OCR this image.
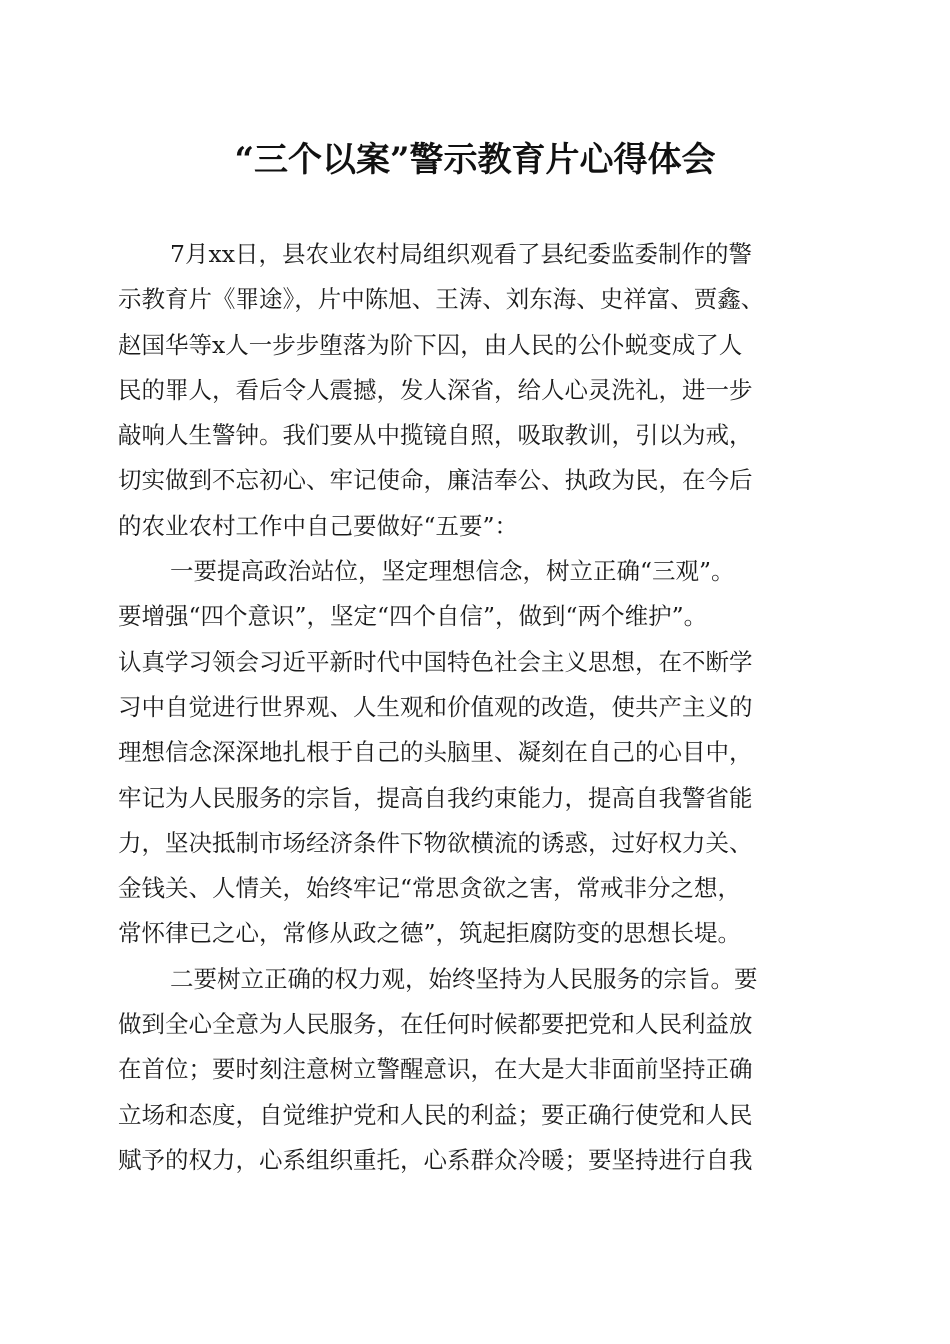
“三个以案”警示教育片心得体会
7月xx日，县农业农村局组织观看了县纪委监委制作的警
示教育片《罪途》，片中陈旭、王涛、刘东海、史祥富、贾鑫、
赵国华等x人一步步堕落为阶下囚，由人民的公仆蜕变成了人
民的罪人，看后令人震撼，发人深省，给人心灵洗礼，进一步
敲响人生警钟。我们要从中揽镜自照，吸取教训，引以为戒，
切实做到不忘初心、牢记使命，廉洁奉公、执政为民，在今后
的农业农村工作中自己要做好“五要”：
一要提高政治站位，坚定理想信念，树立正确“三观”。
要增强“四个意识”，坚定“四个自信”，做到“两个维护”。
认真学习领会习近平新时代中国特色社会主义思想，在不断学
习中自觉进行世界观、人生观和价值观的改造，使共产主义的
理想信念深深地扎根于自己的头脑里、凝刻在自己的心目中，
牢记为人民服务的宗旨，提高自我约束能力，提高自我警省能
力，坚决抵制市场经济条件下物欲横流的诱惑，过好权力关、
金钱关、人情关，始终牢记“常思贪欲之害，常戒非分之想，
常怀律已之心，常修从政之德”，筑起拒腐防变的思想长堤。
二要树立正确的权力观，始终坚持为人民服务的宗旨。要
做到全心全意为人民服务，在任何时候都要把党和人民利益放
在首位；要时刻注意树立警醒意识，在大是大非面前坚持正确
立场和态度，自觉维护党和人民的利益；要正确行使党和人民
赋予的权力，心系组织重托，心系群众冷暖；要坚持进行自我
